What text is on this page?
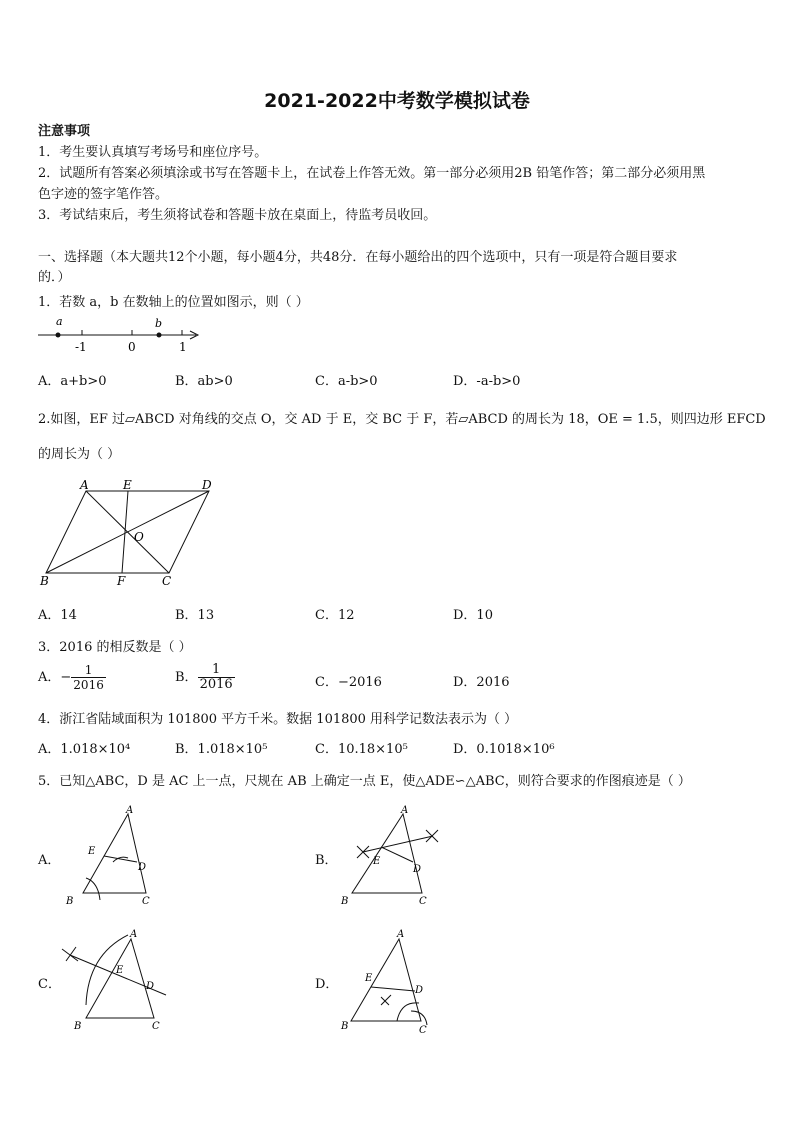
2021-2022中考数学模拟试卷
注意事项
1．考生要认真填写考场号和座位序号。
2．试题所有答案必须填涂或书写在答题卡上，在试卷上作答无效。第一部分必须用2B 铅笔作答；第二部分必须用黑
色字迹的签字笔作答。
3．考试结束后，考生须将试卷和答题卡放在桌面上，待监考员收回。
一、选择题（本大题共12个小题，每小题4分，共48分．在每小题给出的四个选项中，只有一项是符合题目要求
的．）
1．若数 a，b 在数轴上的位置如图示，则（ ）
a	b
-1	0	1
A．a+b>0	B．ab>0	C．a-b>0	D．-a-b>0
2.如图，EF 过▱ABCD 对角线的交点 O，交 AD 于 E，交 BC 于 F，若▱ABCD 的周长为 18，OE = 1.5，则四边形 EFCD
的周长为（ ）
A	E	D
O
B	F	C
A．14	B．13	C．12	D．10
3．2016 的相反数是（ ）
A．− $\frac{1}{2016}$	B． $\frac{1}{2016}$	C．−2016	D．2016
4．浙江省陆域面积为 101800 平方千米。数据 101800 用科学记数法表示为（ ）
A．1.018×10⁴	B．1.018×10⁵	C．10.18×10⁵	D．0.1018×10⁶
5．已知△ABC，D 是 AC 上一点，尺规在 AB 上确定一点 E，使△ADE∽△ABC，则符合要求的作图痕迹是（ ）
A．
A
E
D
B	C
B．
A
E
D
B	C
C．
A
E
D
B	C
D．
A
E
D
B	C
